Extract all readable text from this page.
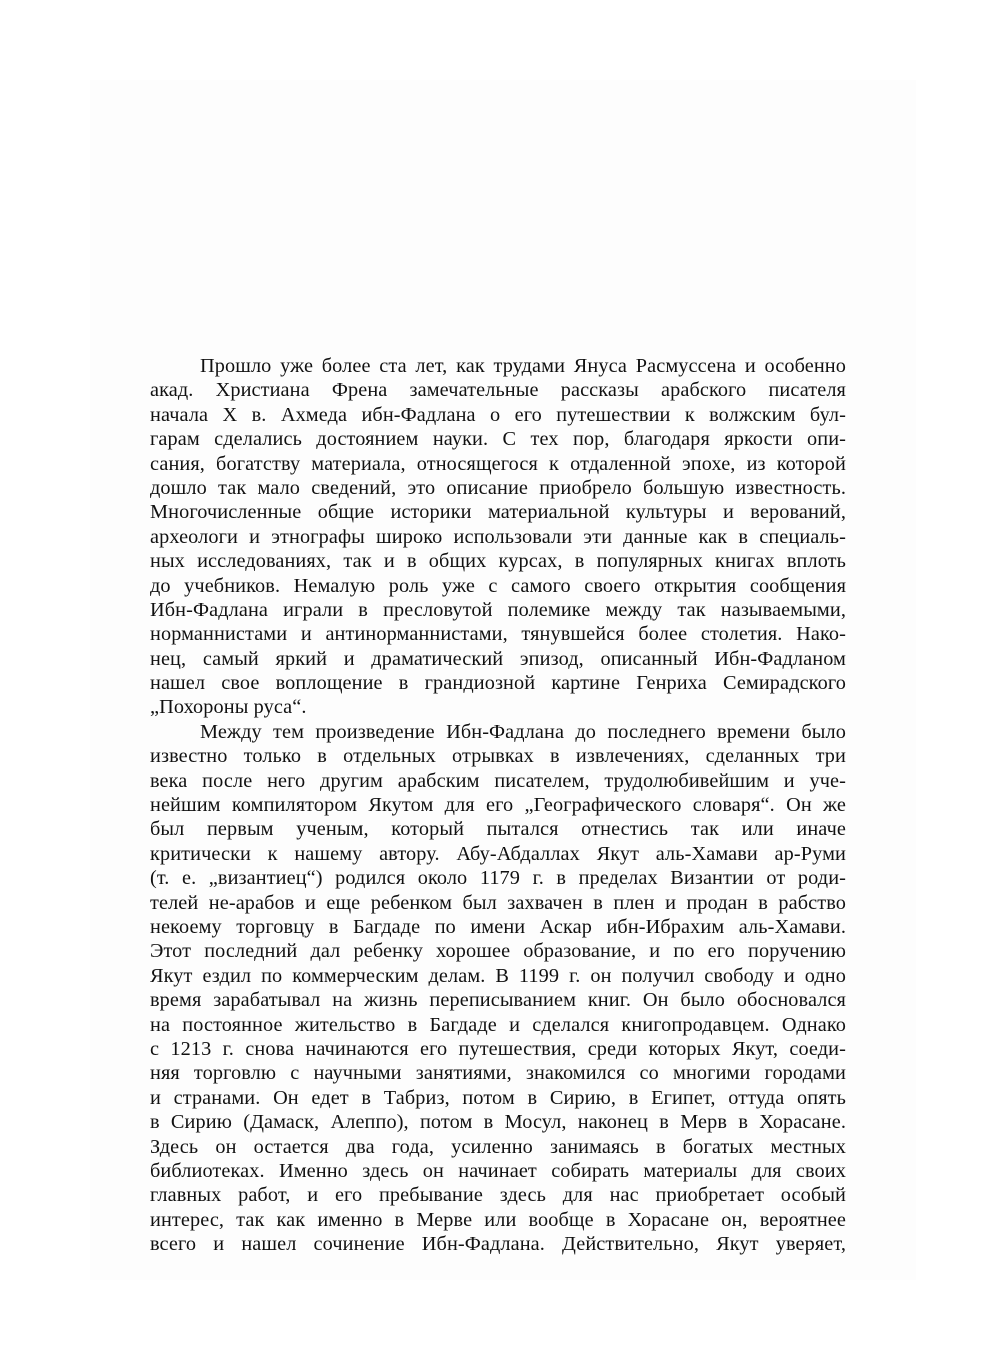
Прошло уже более ста лет, как трудами Януса Расмуссена и особенно
акад. Христиана Френа замечательные рассказы арабского писателя
начала X в. Ахмеда ибн-Фадлана о его путешествии к волжским бул-
гарам сделались достоянием науки. С тех пор, благодаря яркости опи-
сания, богатству материала, относящегося к отдаленной эпохе, из которой
дошло так мало сведений, это описание приобрело большую известность.
Многочисленные общие историки материальной культуры и верований,
археологи и этнографы широко использовали эти данные как в специаль-
ных исследованиях, так и в общих курсах, в популярных книгах вплоть
до учебников. Немалую роль уже с самого своего открытия сообщения
Ибн-Фадлана играли в пресловутой полемике между так называемыми,
норманнистами и антинорманнистами, тянувшейся более столетия. Нако-
нец, самый яркий и драматический эпизод, описанный Ибн-Фадланом
нашел свое воплощение в грандиозной картине Генриха Семирадского
„Похороны руса“.
Между тем произведение Ибн-Фадлана до последнего времени было
известно только в отдельных отрывках в извлечениях, сделанных три
века после него другим арабским писателем, трудолюбивейшим и уче-
нейшим компилятором Якутом для его „Географического словаря“. Он же
был первым ученым, который пытался отнестись так или иначе
критически к нашему автору. Абу-Абдаллах Якут аль-Хамави ар-Руми
(т. е. „византиец“) родился около 1179 г. в пределах Византии от роди-
телей не-арабов и еще ребенком был захвачен в плен и продан в рабство
некоему торговцу в Багдаде по имени Аскар ибн-Ибрахим аль-Хамави.
Этот последний дал ребенку хорошее образование, и по его поручению
Якут ездил по коммерческим делам. В 1199 г. он получил свободу и одно
время зарабатывал на жизнь переписыванием книг. Он было обосновался
на постоянное жительство в Багдаде и сделался книгопродавцем. Однако
с 1213 г. снова начинаются его путешествия, среди которых Якут, соеди-
няя торговлю с научными занятиями, знакомился со многими городами
и странами. Он едет в Табриз, потом в Сирию, в Египет, оттуда опять
в Сирию (Дамаск, Алеппо), потом в Мосул, наконец в Мерв в Хорасане.
Здесь он остается два года, усиленно занимаясь в богатых местных
библиотеках. Именно здесь он начинает собирать материалы для своих
главных работ, и его пребывание здесь для нас приобретает особый
интерес, так как именно в Мерве или вообще в Хорасане он, вероятнее
всего и нашел сочинение Ибн-Фадлана. Действительно, Якут уверяет,
